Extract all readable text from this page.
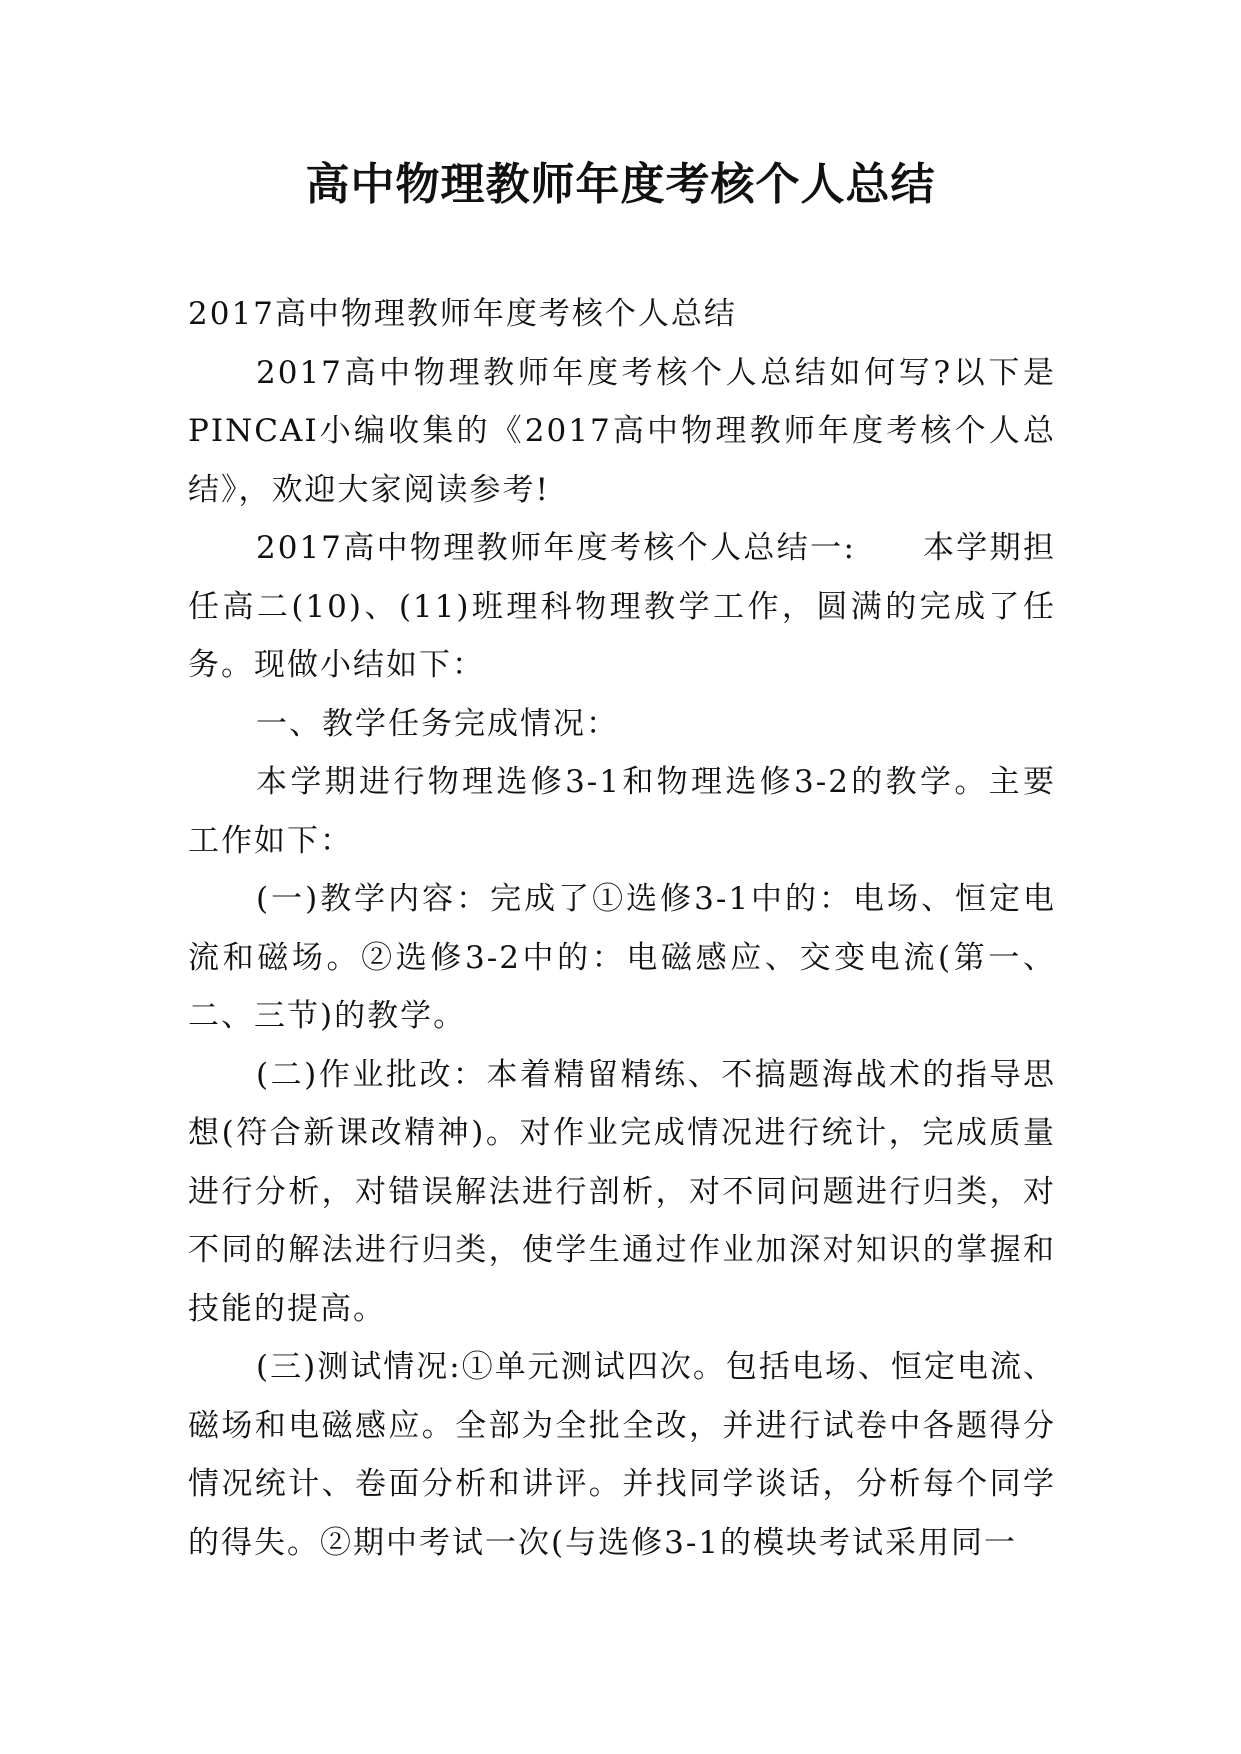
高中物理教师年度考核个人总结

2017高中物理教师年度考核个人总结

2017高中物理教师年度考核个人总结如何写?以下是PINCAI小编收集的《2017高中物理教师年度考核个人总结》，欢迎大家阅读参考!

2017高中物理教师年度考核个人总结一:　　本学期担任高二(10)、(11)班理科物理教学工作，圆满的完成了任务。现做小结如下：

一、教学任务完成情况：

本学期进行物理选修3-1和物理选修3-2的教学。主要工作如下：

(一)教学内容：完成了①选修3-1中的：电场、恒定电流和磁场。②选修3-2中的：电磁感应、交变电流(第一、二、三节)的教学。

(二)作业批改：本着精留精练、不搞题海战术的指导思想(符合新课改精神)。对作业完成情况进行统计，完成质量进行分析，对错误解法进行剖析，对不同问题进行归类，对不同的解法进行归类，使学生通过作业加深对知识的掌握和技能的提高。

(三)测试情况:①单元测试四次。包括电场、恒定电流、磁场和电磁感应。全部为全批全改，并进行试卷中各题得分情况统计、卷面分析和讲评。并找同学谈话，分析每个同学的得失。②期中考试一次(与选修3-1的模块考试采用同一
